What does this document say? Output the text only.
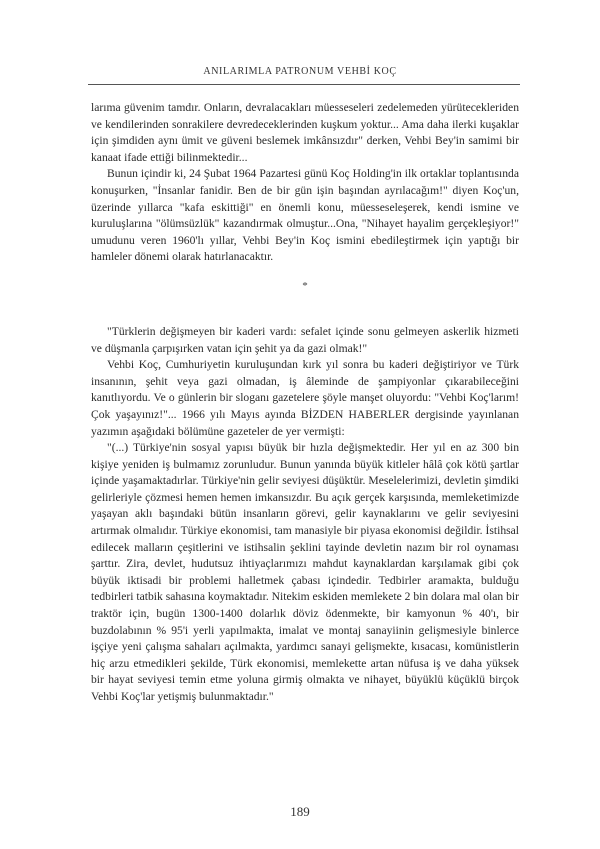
ANILARIMLA PATRONUM VEHBİ KOÇ

larıma güvenim tamdır. Onların, devralacakları müesseseleri zedelemeden yürütecekleriden ve kendilerinden sonrakilere devredeceklerinden kuşkum yoktur... Ama daha ilerki kuşaklar için şimdiden aynı ümit ve güveni beslemek imkânsızdır" derken, Vehbi Bey'in samimi bir kanaat ifade ettiği bilinmektedir...

Bunun içindir ki, 24 Şubat 1964 Pazartesi günü Koç Holding'in ilk ortaklar toplantısında konuşurken, "İnsanlar fanidir. Ben de bir gün işin başından ayrılacağım!" diyen Koç'un, üzerinde yıllarca "kafa eskittiği" en önemli konu, müesseseleşerek, kendi ismine ve kuruluşlarına "ölümsüzlük" kazandırmak olmuştur...Ona, "Nihayet hayalim gerçekleşiyor!" umudunu veren 1960'lı yıllar, Vehbi Bey'in Koç ismini ebedileştirmek için yaptığı bir hamleler dönemi olarak hatırlanacaktır.

*

"Türklerin değişmeyen bir kaderi vardı: sefalet içinde sonu gelmeyen askerlik hizmeti ve düşmanla çarpışırken vatan için şehit ya da gazi olmak!"

Vehbi Koç, Cumhuriyetin kuruluşundan kırk yıl sonra bu kaderi değiştiriyor ve Türk insanının, şehit veya gazi olmadan, iş âleminde de şampiyonlar çıkarabileceğini kanıtlıyordu. Ve o günlerin bir sloganı gazetelere şöyle manşet oluyordu: "Vehbi Koç'larım! Çok yaşayınız!"... 1966 yılı Mayıs ayında BİZDEN HABERLER dergisinde yayınlanan yazımın aşağıdaki bölümüne gazeteler de yer vermişti:

"(...) Türkiye'nin sosyal yapısı büyük bir hızla değişmektedir. Her yıl en az 300 bin kişiye yeniden iş bulmamız zorunludur. Bunun yanında büyük kitleler hâlâ çok kötü şartlar içinde yaşamaktadırlar. Türkiye'nin gelir seviyesi düşüktür. Meselelerimizi, devletin şimdiki gelirleriyle çözmesi hemen hemen imkansızdır. Bu açık gerçek karşısında, memleketimizde yaşayan aklı başındaki bütün insanların görevi, gelir kaynaklarını ve gelir seviyesini artırmak olmalıdır. Türkiye ekonomisi, tam manasiyle bir piyasa ekonomisi değildir. İstihsal edilecek malların çeşitlerini ve istihsalin şeklini tayinde devletin nazım bir rol oynaması şarttır. Zira, devlet, hudutsuz ihtiyaçlarımızı mahdut kaynaklardan karşılamak gibi çok büyük iktisadi bir problemi halletmek çabası içindedir. Tedbirler aramakta, bulduğu tedbirleri tatbik sahasına koymaktadır. Nitekim eskiden memlekete 2 bin dolara mal olan bir traktör için, bugün 1300-1400 dolarlık döviz ödenmekte, bir kamyonun % 40'ı, bir buzdolabının % 95'i yerli yapılmakta, imalat ve montaj sanayiinin gelişmesiyle binlerce işçiye yeni çalışma sahaları açılmakta, yardımcı sanayi gelişmekte, kısacası, komünistlerin hiç arzu etmedikleri şekilde, Türk ekonomisi, memlekette artan nüfusa iş ve daha yüksek bir hayat seviyesi temin etme yoluna girmiş olmakta ve nihayet, büyüklü küçüklü birçok Vehbi Koç'lar yetişmiş bulunmaktadır."

189
